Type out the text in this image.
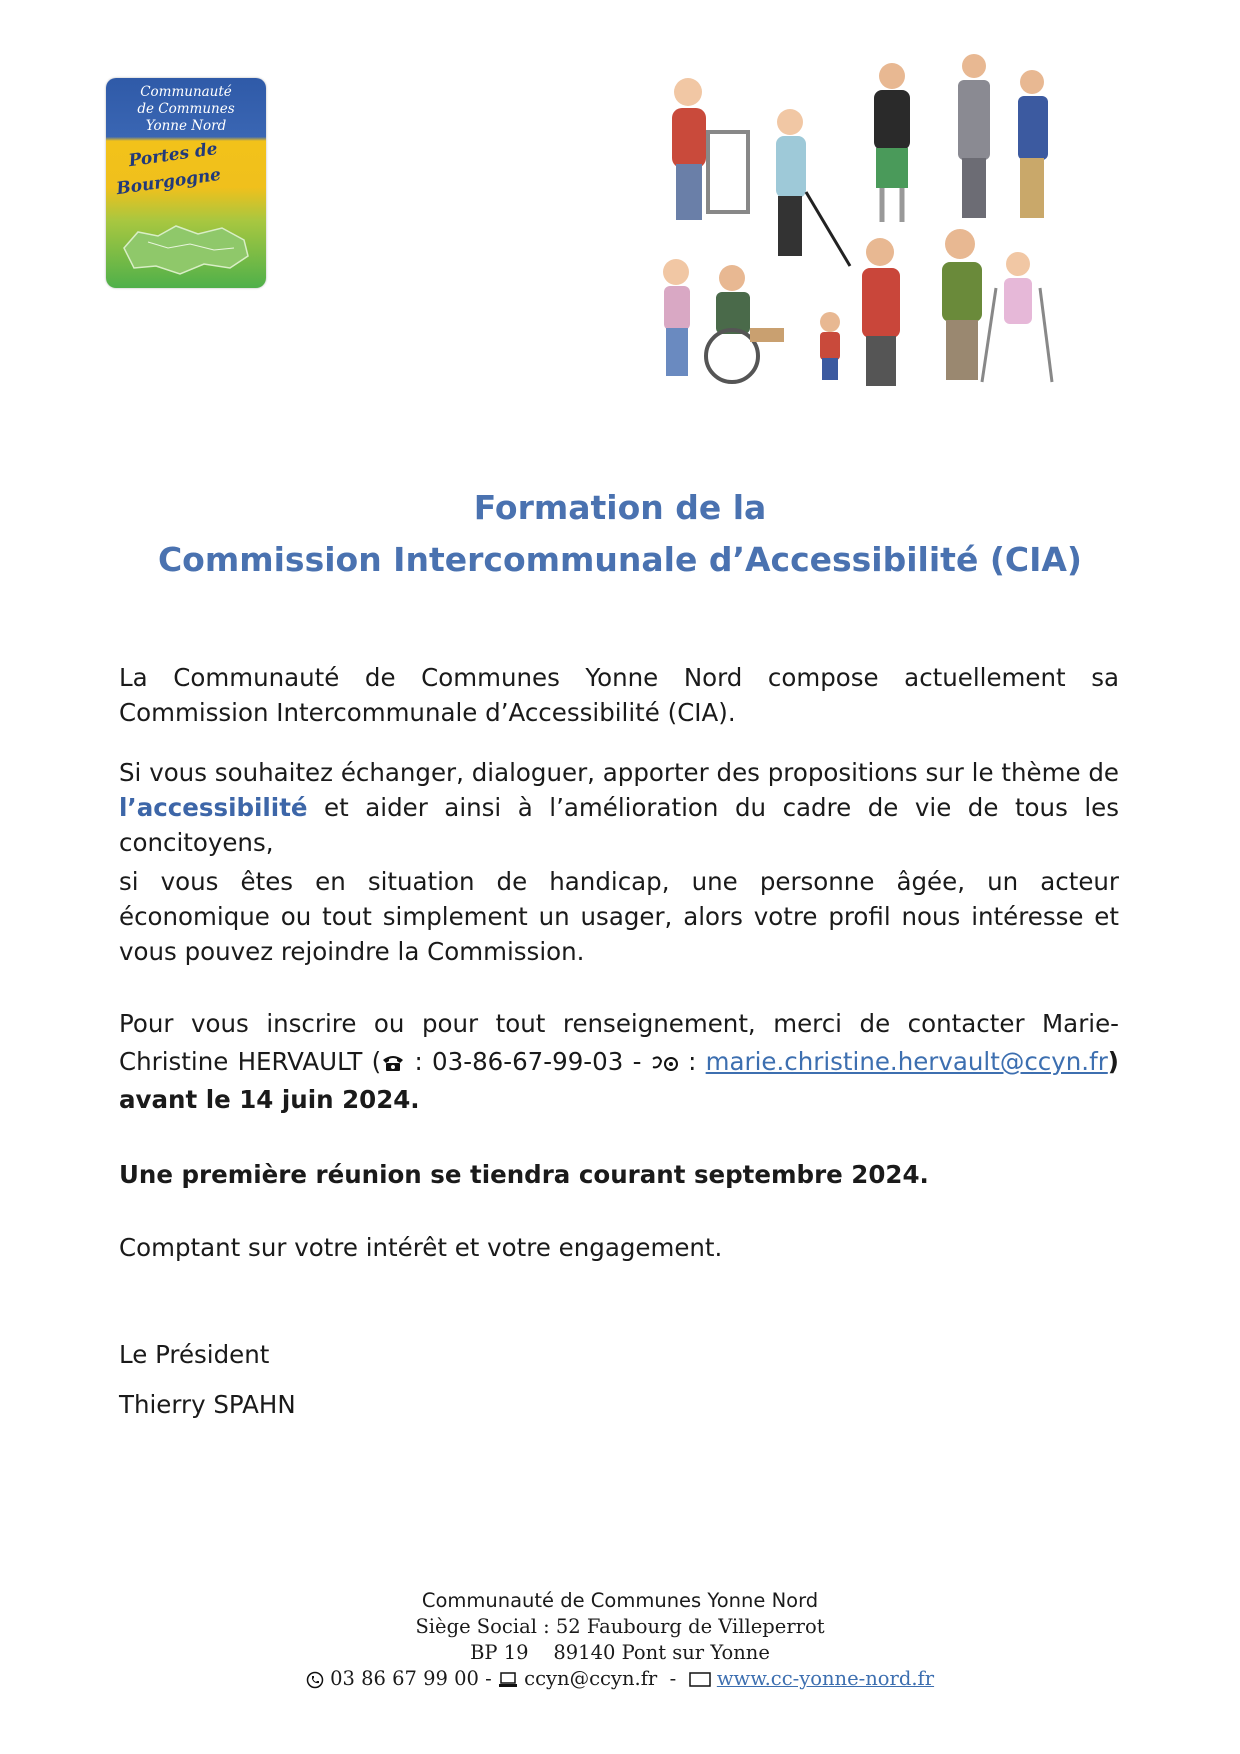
Communauté
de Communes
Yonne Nord
Portes de
Bourgogne
Formation de la
Commission Intercommunale d’Accessibilité (CIA)
La Communauté de Communes Yonne Nord compose actuellement sa Commission Intercommunale d’Accessibilité (CIA).
Si vous souhaitez échanger, dialoguer, apporter des propositions sur le thème de l’accessibilité et aider ainsi à l’amélioration du cadre de vie de tous les concitoyens,
si vous êtes en situation de handicap, une personne âgée, un acteur économique ou tout simplement un usager, alors votre profil nous intéresse et vous pouvez rejoindre la Commission.
Pour vous inscrire ou pour tout renseignement, merci de contacter Marie-Christine HERVAULT ( : 03-86-67-99-03 -  : marie.christine.hervault@ccyn.fr) avant le 14 juin 2024.
Une première réunion se tiendra courant septembre 2024.
Comptant sur votre intérêt et votre engagement.
Le Président
Thierry SPAHN
Communauté de Communes Yonne Nord
Siège Social : 52 Faubourg de Villeperrot
BP 19    89140 Pont sur Yonne
03 86 67 99 00 -  ccyn@ccyn.fr  -   www.cc-yonne-nord.fr
